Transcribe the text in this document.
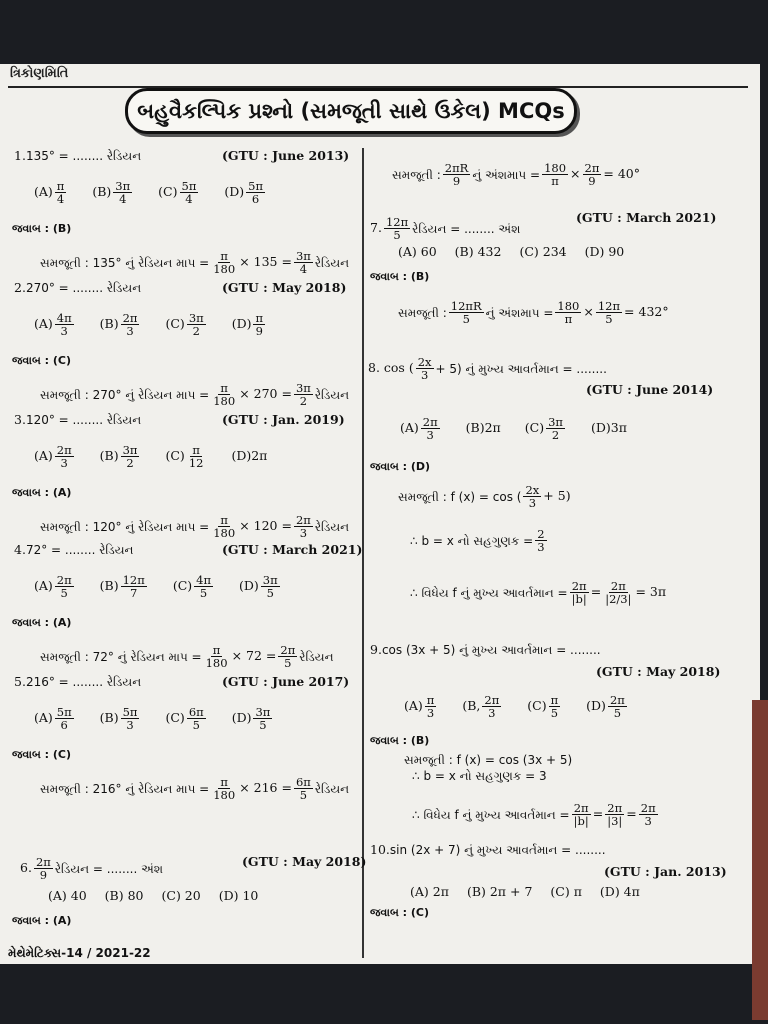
ત્રિકોણમિતિ
બહુવૈકલ્પિક પ્રશ્નો (સમજૂતી સાથે ઉકેલ) MCQs
1. 135° = ........ રેડિયન	(GTU : June 2013)
$(A) \frac{\pi}{4} (B) \frac{3\pi}{4} (C) \frac{5\pi}{4} (D) \frac{5\pi}{6}$
જવાબ : (B)
સમજૂતી : 135° નું રેડિયન માપ = $\frac{\pi}{180} \times 135 = \frac{3\pi}{4}$ રેડિયન
2. 270° = ........ રેડિયન	(GTU : May 2018)
$(A) \frac{4\pi}{3} (B) \frac{2\pi}{3} (C) \frac{3\pi}{2} (D) \frac{\pi}{9}$
જવાબ : (C)
સમજૂતી : 270° નું રેડિયન માપ = $\frac{\pi}{180} \times 270 = \frac{3\pi}{2}$ રેડિયન
3. 120° = ........ રેડિયન	(GTU : Jan. 2019)
$(A) \frac{2\pi}{3} (B) \frac{3\pi}{2} (C) \frac{\pi}{12} (D)$ 2π
જવાબ : (A)
સમજૂતી : 120° નું રેડિયન માપ = $\frac{\pi}{180} \times 120 = \frac{2\pi}{3}$ રેડિયન
4. 72° = ........ રેડિયન	(GTU : March 2021)
$(A) \frac{2\pi}{5} (B) \frac{12\pi}{7} (C) \frac{4\pi}{5} (D) \frac{3\pi}{5}$
જવાબ : (A)
સમજૂતી : 72° નું રેડિયન માપ = $\frac{\pi}{180} \times 72 = \frac{2\pi}{5}$ રેડિયન
5. 216° = ........ રેડિયન	(GTU : June 2017)
$(A) \frac{5\pi}{6} (B) \frac{5\pi}{3} (C) \frac{6\pi}{5} (D) \frac{3\pi}{5}$
જવાબ : (C)
સમજૂતી : 216° નું રેડિયન માપ = $\frac{\pi}{180} \times 216 = \frac{6\pi}{5}$ રેડિયન
6. $\frac{2\pi}{9}$ રેડિયન = ........ અંશ	(GTU : May 2018)
(A) 40 (B) 80 (C) 20 (D) 10
જવાબ : (A)
સમજૂતી : $\frac{2\pi R}{9}$ નું અંશમાપ = $\frac{180}{\pi} \times \frac{2\pi}{9} = 40^\circ$
7. $\frac{12\pi}{5}$ રેડિયન = ........ અંશ
(GTU : March 2021)
(A) 60 (B) 432 (C) 234 (D) 90
જવાબ : (B)
સમજૂતી : $\frac{12\pi R}{5}$ નું અંશમાપ = $\frac{180}{\pi} \times \frac{12\pi}{5} = 432^\circ$
8. cos ( $\frac{2x}{3} + 5$) નું મુખ્ય આવર્તમાન = ........
(GTU : June 2014)
$(A) \frac{2\pi}{3} (B)$ 2π $(C) \frac{3\pi}{2} (D)$ 3π
જવાબ : (D)
સમજૂતી : f (x) = cos ( $\frac{2x}{3} + 5$)
∴ b = x નો સહગુણક = $\frac{2}{3}$
∴ વિધેય f નું મુખ્ય આવર્તમાન = $\frac{2\pi}{|b|} = \frac{2\pi}{|2/3|} = 3\pi$
9. cos (3x + 5) નું મુખ્ય આવર્તમાન = ........
(GTU : May 2018)
$(A) \frac{\pi}{3} (B$, $\frac{2\pi}{3} (C) \frac{\pi}{5} (D) \frac{2\pi}{5}$
જવાબ : (B)
સમજૂતી : f (x) = cos (3x + 5)
∴ b = x નો સહગુણક = 3
∴ વિધેય f નું મુખ્ય આવર્તમાન = $\frac{2\pi}{|b|} = \frac{2\pi}{|3|} = \frac{2\pi}{3}$
10. sin (2x + 7) નું મુખ્ય આવર્તમાન = ........
(GTU : Jan. 2013)
(A) 2π (B) 2π + 7 (C) π (D) 4π
જવાબ : (C)
મેથેમેટિક્સ-14 / 2021-22
